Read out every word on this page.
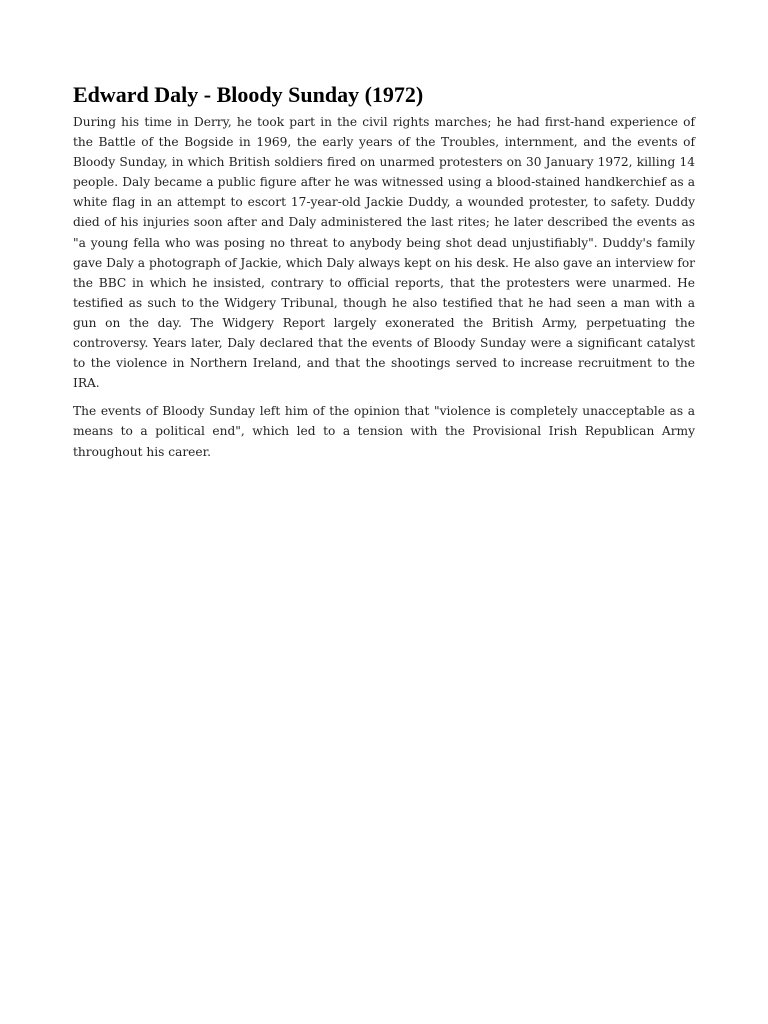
Edward Daly - Bloody Sunday (1972)

During his time in Derry, he took part in the civil rights marches; he had first-hand experience of the Battle of the Bogside in 1969, the early years of the Troubles, internment, and the events of Bloody Sunday, in which British soldiers fired on unarmed protesters on 30 January 1972, killing 14 people. Daly became a public figure after he was witnessed using a blood-stained handkerchief as a white flag in an attempt to escort 17-year-old Jackie Duddy, a wounded protester, to safety. Duddy died of his injuries soon after and Daly administered the last rites; he later described the events as "a young fella who was posing no threat to anybody being shot dead unjustifiably". Duddy's family gave Daly a photograph of Jackie, which Daly always kept on his desk. He also gave an interview for the BBC in which he insisted, contrary to official reports, that the protesters were unarmed. He testified as such to the Widgery Tribunal, though he also testified that he had seen a man with a gun on the day. The Widgery Report largely exonerated the British Army, perpetuating the controversy. Years later, Daly declared that the events of Bloody Sunday were a significant catalyst to the violence in Northern Ireland, and that the shootings served to increase recruitment to the IRA.

The events of Bloody Sunday left him of the opinion that "violence is completely unacceptable as a means to a political end", which led to a tension with the Provisional Irish Republican Army throughout his career.
